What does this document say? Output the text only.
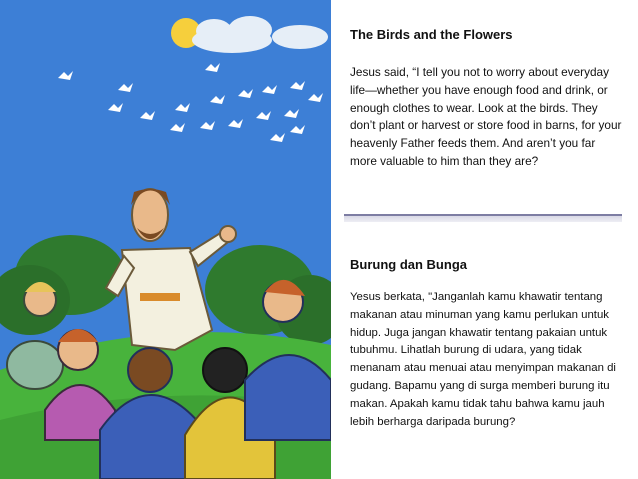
The Birds and the Flowers
Jesus said, “I tell you not to worry about everyday life—whether you have enough food and drink, or enough clothes to wear. Look at the birds. They don’t plant or harvest or store food in barns, for your heavenly Father feeds them. And aren’t you far more valuable to him than they are?
Burung dan Bunga
Yesus berkata, "Janganlah kamu khawatir tentang makanan atau minuman yang kamu perlukan untuk hidup. Juga jangan khawatir tentang pakaian untuk tubuhmu. Lihatlah burung di udara, yang tidak menanam atau menuai atau menyimpan makanan di gudang. Bapamu yang di surga memberi burung itu makan. Apakah kamu tidak tahu bahwa kamu jauh lebih berharga daripada burung?
